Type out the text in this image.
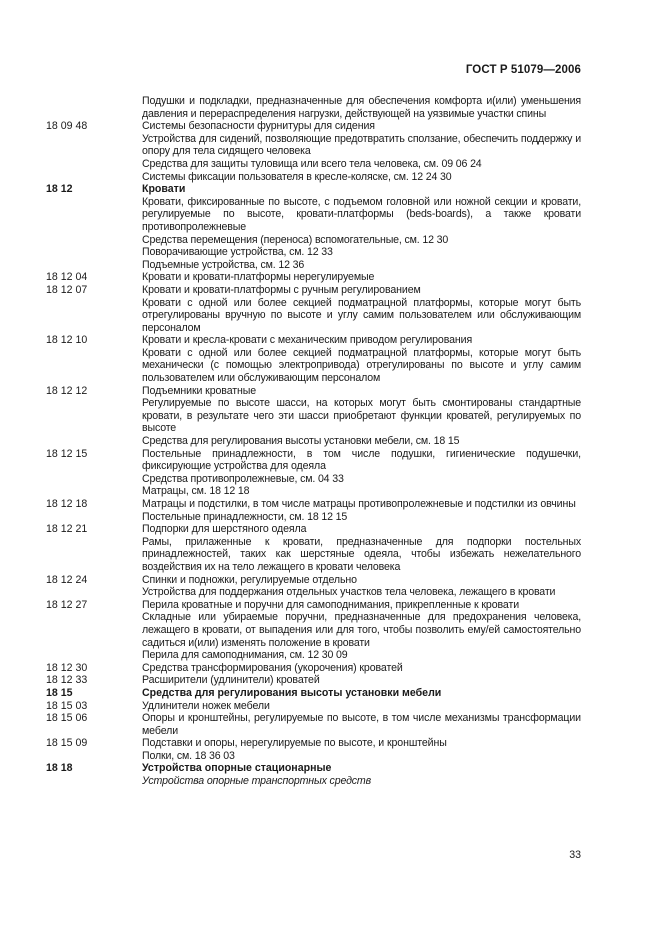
ГОСТ Р 51079—2006
Подушки и подкладки, предназначенные для обеспечения комфорта и(или) уменьшения давления и перераспределения нагрузки, действующей на уязвимые участки спины
18 09 48	Системы безопасности фурнитуры для сидения
Устройства для сидений, позволяющие предотвратить сползание, обеспечить поддержку и опору для тела сидящего человека
Средства для защиты туловища или всего тела человека, см. 09 06 24
Системы фиксации пользователя в кресле-коляске, см. 12 24 30
18 12	Кровати
Кровати, фиксированные по высоте, с подъемом головной или ножной секции и кровати, регулируемые по высоте, кровати-платформы (beds-boards), а также кровати противопролежневые
Средства перемещения (переноса) вспомогательные, см. 12 30
Поворачивающие устройства, см. 12 33
Подъемные устройства, см. 12 36
18 12 04	Кровати и кровати-платформы нерегулируемые
18 12 07	Кровати и кровати-платформы с ручным регулированием
Кровати с одной или более секцией подматрацной платформы, которые могут быть отрегулированы вручную по высоте и углу самим пользователем или обслуживающим персоналом
18 12 10	Кровати и кресла-кровати с механическим приводом регулирования
Кровати с одной или более секцией подматрацной платформы, которые могут быть механически (с помощью электропривода) отрегулированы по высоте и углу самим пользователем или обслуживающим персоналом
18 12 12	Подъемники кроватные
Регулируемые по высоте шасси, на которых могут быть смонтированы стандартные кровати, в результате чего эти шасси приобретают функции кроватей, регулируемых по высоте
Средства для регулирования высоты установки мебели, см. 18 15
18 12 15	Постельные принадлежности, в том числе подушки, гигиенические подушечки, фиксирующие устройства для одеяла
Средства противопролежневые, см. 04 33
Матрацы, см. 18 12 18
18 12 18	Матрацы и подстилки, в том числе матрацы противопролежневые и подстилки из овчины
Постельные принадлежности, см. 18 12 15
18 12 21	Подпорки для шерстяного одеяла
Рамы, прилаженные к кровати, предназначенные для подпорки постельных принадлежностей, таких как шерстяные одеяла, чтобы избежать нежелательного воздействия их на тело лежащего в кровати человека
18 12 24	Спинки и подножки, регулируемые отдельно
Устройства для поддержания отдельных участков тела человека, лежащего в кровати
18 12 27	Перила кроватные и поручни для самоподнимания, прикрепленные к кровати
Складные или убираемые поручни, предназначенные для предохранения человека, лежащего в кровати, от выпадения или для того, чтобы позволить ему/ей самостоятельно садиться и(или) изменять положение в кровати
Перила для самоподнимания, см. 12 30 09
18 12 30	Средства трансформирования (укорочения) кроватей
18 12 33	Расширители (удлинители) кроватей
18 15	Средства для регулирования высоты установки мебели
18 15 03	Удлинители ножек мебели
18 15 06	Опоры и кронштейны, регулируемые по высоте, в том числе механизмы трансформации мебели
18 15 09	Подставки и опоры, нерегулируемые по высоте, и кронштейны
Полки, см. 18 36 03
18 18	Устройства опорные стационарные
Устройства опорные транспортных средств
33
